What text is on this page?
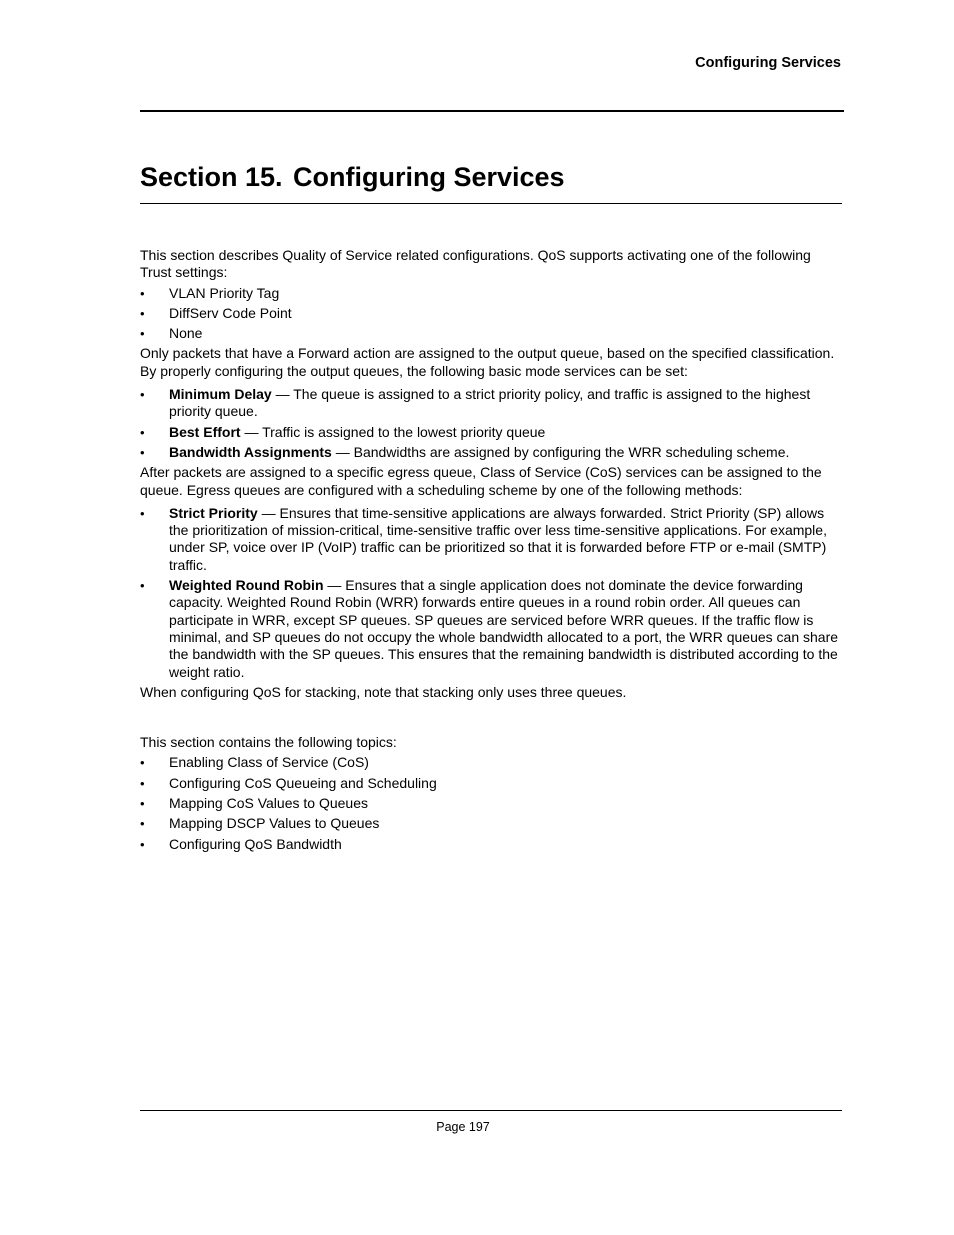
Configuring Services
Section 15. Configuring Services

This section describes Quality of Service related configurations. QoS supports activating one of the following Trust settings:

• VLAN Priority Tag
• DiffServ Code Point
• None

Only packets that have a Forward action are assigned to the output queue, based on the specified classification. By properly configuring the output queues, the following basic mode services can be set:

• Minimum Delay — The queue is assigned to a strict priority policy, and traffic is assigned to the highest priority queue.
• Best Effort — Traffic is assigned to the lowest priority queue
• Bandwidth Assignments — Bandwidths are assigned by configuring the WRR scheduling scheme.

After packets are assigned to a specific egress queue, Class of Service (CoS) services can be assigned to the queue. Egress queues are configured with a scheduling scheme by one of the following methods:

• Strict Priority — Ensures that time-sensitive applications are always forwarded. Strict Priority (SP) allows the prioritization of mission-critical, time-sensitive traffic over less time-sensitive applications. For example, under SP, voice over IP (VoIP) traffic can be prioritized so that it is forwarded before FTP or e-mail (SMTP) traffic.
• Weighted Round Robin — Ensures that a single application does not dominate the device forwarding capacity. Weighted Round Robin (WRR) forwards entire queues in a round robin order. All queues can participate in WRR, except SP queues. SP queues are serviced before WRR queues. If the traffic flow is minimal, and SP queues do not occupy the whole bandwidth allocated to a port, the WRR queues can share the bandwidth with the SP queues. This ensures that the remaining bandwidth is distributed according to the weight ratio.

When configuring QoS for stacking, note that stacking only uses three queues.

This section contains the following topics:

• Enabling Class of Service (CoS)
• Configuring CoS Queueing and Scheduling
• Mapping CoS Values to Queues
• Mapping DSCP Values to Queues
• Configuring QoS Bandwidth
Page 197
